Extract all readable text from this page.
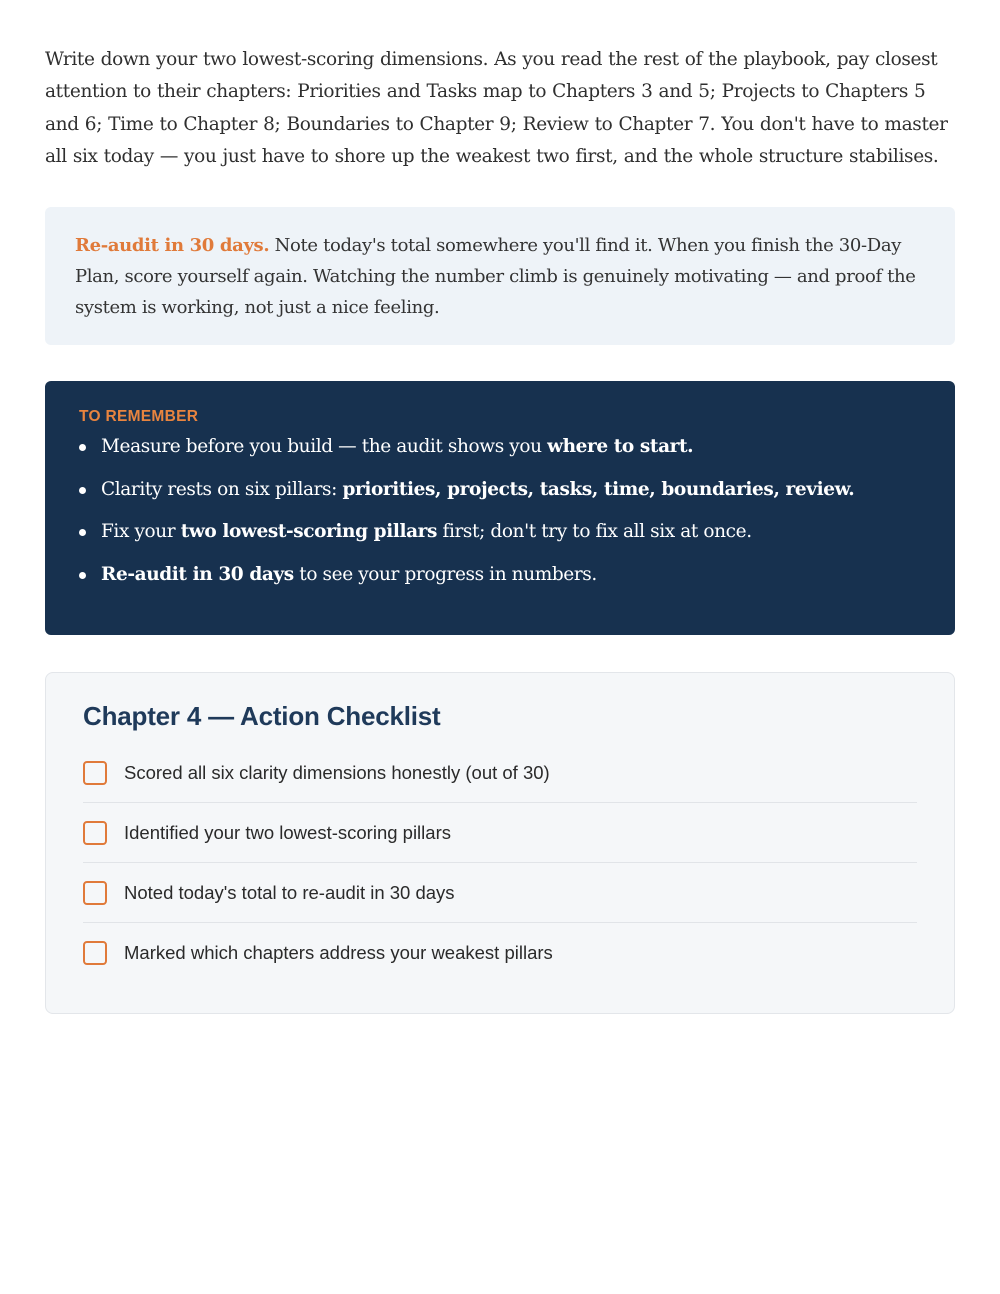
Write down your two lowest-scoring dimensions. As you read the rest of the playbook, pay closest attention to their chapters: Priorities and Tasks map to Chapters 3 and 5; Projects to Chapters 5 and 6; Time to Chapter 8; Boundaries to Chapter 9; Review to Chapter 7. You don't have to master all six today — you just have to shore up the weakest two first, and the whole structure stabilises.

Re-audit in 30 days. Note today's total somewhere you'll find it. When you finish the 30-Day Plan, score yourself again. Watching the number climb is genuinely motivating — and proof the system is working, not just a nice feeling.
TO REMEMBER
Measure before you build — the audit shows you where to start.
Clarity rests on six pillars: priorities, projects, tasks, time, boundaries, review.
Fix your two lowest-scoring pillars first; don't try to fix all six at once.
Re-audit in 30 days to see your progress in numbers.
Chapter 4 — Action Checklist
Scored all six clarity dimensions honestly (out of 30)
Identified your two lowest-scoring pillars
Noted today's total to re-audit in 30 days
Marked which chapters address your weakest pillars
